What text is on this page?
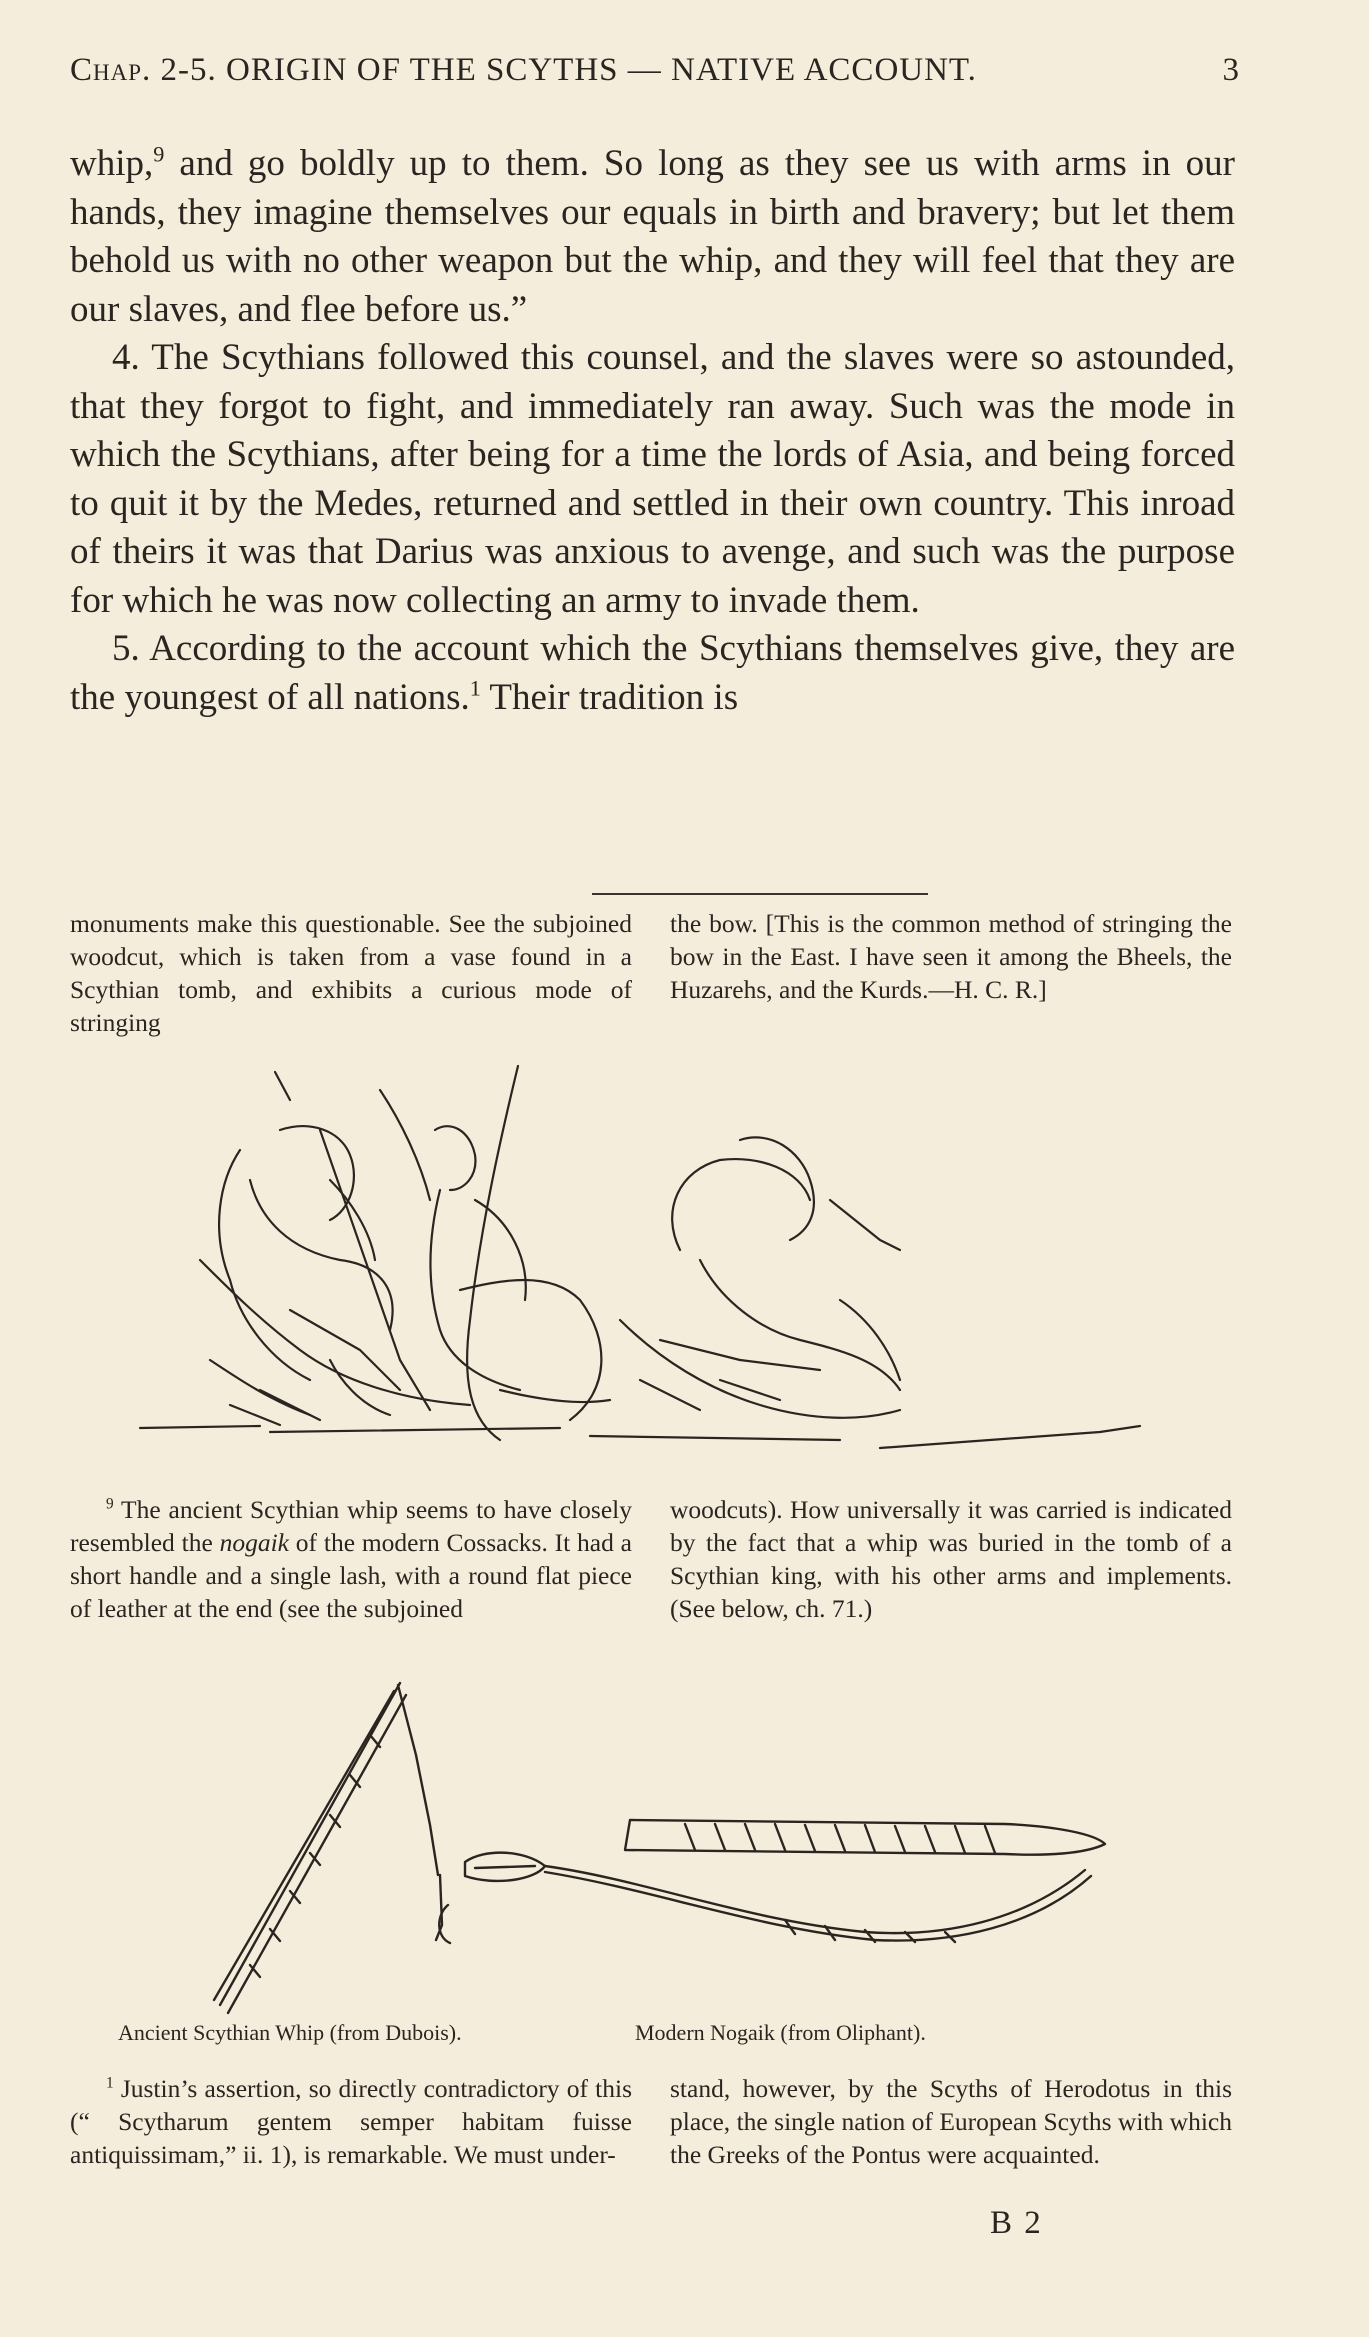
Chap. 2-5. ORIGIN OF THE SCYTHS — NATIVE ACCOUNT.	3

whip,$^9$ and go boldly up to them. So long as they see us with arms in our hands, they imagine themselves our equals in birth and bravery; but let them behold us with no other weapon but the whip, and they will feel that they are our slaves, and flee before us.”

4. The Scythians followed this counsel, and the slaves were so astounded, that they forgot to fight, and immediately ran away. Such was the mode in which the Scythians, after being for a time the lords of Asia, and being forced to quit it by the Medes, returned and settled in their own country. This inroad of theirs it was that Darius was anxious to avenge, and such was the purpose for which he was now collecting an army to invade them.

5. According to the account which the Scythians themselves give, they are the youngest of all nations.$^1$ Their tradition is

monuments make this questionable. See the subjoined woodcut, which is taken from a vase found in a Scythian tomb, and exhibits a curious mode of stringing
the bow. [This is the common method of stringing the bow in the East. I have seen it among the Bheels, the Huzarehs, and the Kurds.—H. C. R.]

$^9$ The ancient Scythian whip seems to have closely resembled the nogaik of the modern Cossacks. It had a short handle and a single lash, with a round flat piece of leather at the end (see the subjoined

woodcuts). How universally it was carried is indicated by the fact that a whip was buried in the tomb of a Scythian king, with his other arms and implements. (See below, ch. 71.)
Ancient Scythian Whip (from Dubois).	Modern Nogaik (from Oliphant).

$^1$ Justin’s assertion, so directly contradictory of this (“ Scytharum gentem semper habitam fuisse antiquissimam,” ii. 1), is remarkable. We must under-

stand, however, by the Scyths of Herodotus in this place, the single nation of European Scyths with which the Greeks of the Pontus were acquainted.
B 2
